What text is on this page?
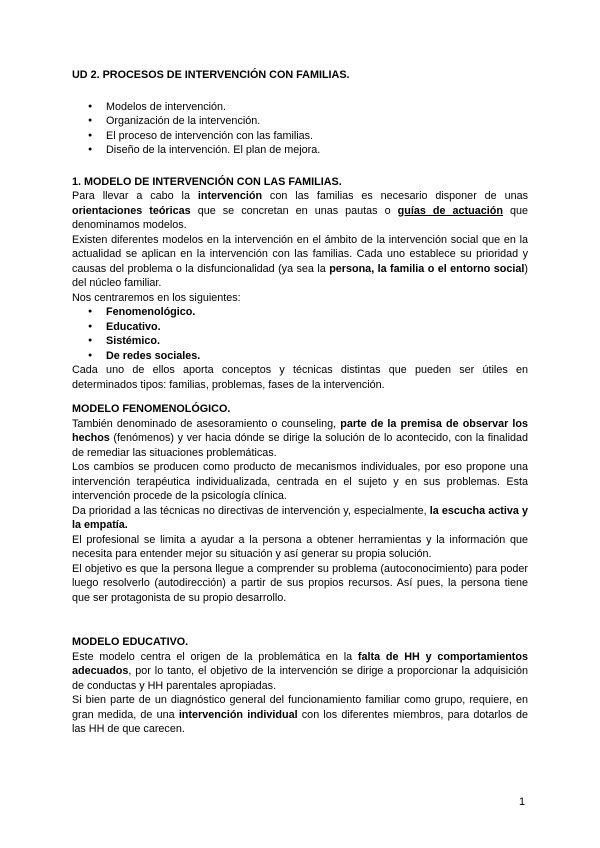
UD 2. PROCESOS DE INTERVENCIÓN CON FAMILIAS.
● Modelos de intervención.
● Organización de la intervención.
● El proceso de intervención con las familias.
● Diseño de la intervención. El plan de mejora.
1. MODELO DE INTERVENCIÓN CON LAS FAMILIAS.

Para llevar a cabo la intervención con las familias es necesario disponer de unas orientaciones teóricas que se concretan en unas pautas o guías de actuación que denominamos modelos.

Existen diferentes modelos en la intervención en el ámbito de la intervención social que en la actualidad se aplican en la intervención con las familias. Cada uno establece su prioridad y causas del problema o la disfuncionalidad (ya sea la persona, la familia o el entorno social) del núcleo familiar.

Nos centraremos en los siguientes:

● Fenomenológico.
● Educativo.
● Sistémico.
● De redes sociales.

Cada uno de ellos aporta conceptos y técnicas distintas que pueden ser útiles en determinados tipos: familias, problemas, fases de la intervención.

MODELO FENOMENOLÓGICO.

También denominado de asesoramiento o counseling, parte de la premisa de observar los hechos (fenómenos) y ver hacia dónde se dirige la solución de lo acontecido, con la finalidad de remediar las situaciones problemáticas.

Los cambios se producen como producto de mecanismos individuales, por eso propone una intervención terapéutica individualizada, centrada en el sujeto y en sus problemas. Esta intervención procede de la psicología clínica.

Da prioridad a las técnicas no directivas de intervención y, especialmente, la escucha activa y la empatía.

El profesional se limita a ayudar a la persona a obtener herramientas y la información que necesita para entender mejor su situación y así generar su propia solución.

El objetivo es que la persona llegue a comprender su problema (autoconocimiento) para poder luego resolverlo (autodirección) a partir de sus propios recursos. Así pues, la persona tiene que ser protagonista de su propio desarrollo.

MODELO EDUCATIVO.

Este modelo centra el origen de la problemática en la falta de HH y comportamientos adecuados, por lo tanto, el objetivo de la intervención se dirige a proporcionar la adquisición de conductas y HH parentales apropiadas.

Si bien parte de un diagnóstico general del funcionamiento familiar como grupo, requiere, en gran medida, de una intervención individual con los diferentes miembros, para dotarlos de las HH de que carecen.

1
